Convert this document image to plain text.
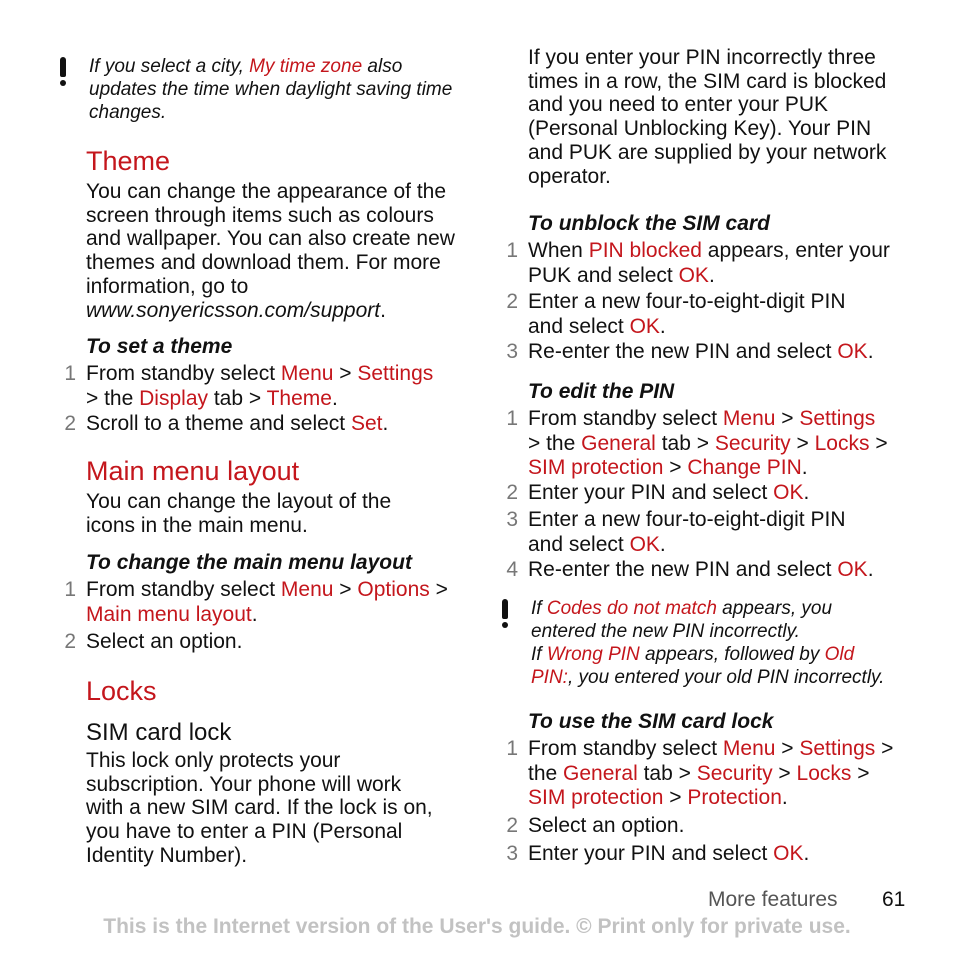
If you select a city, My time zone also updates the time when daylight saving time changes.
Theme
You can change the appearance of the
screen through items such as colours
and wallpaper. You can also create new
themes and download them. For more
information, go to
www.sonyericsson.com/support.
To set a theme
1 From standby select Menu > Settings
> the Display tab > Theme.
2 Scroll to a theme and select Set.
Main menu layout
You can change the layout of the
icons in the main menu.
To change the main menu layout
1 From standby select Menu > Options >
Main menu layout.
2 Select an option.
Locks
SIM card lock
This lock only protects your
subscription. Your phone will work
with a new SIM card. If the lock is on,
you have to enter a PIN (Personal
Identity Number).
If you enter your PIN incorrectly three
times in a row, the SIM card is blocked
and you need to enter your PUK
(Personal Unblocking Key). Your PIN
and PUK are supplied by your network
operator.
To unblock the SIM card
1 When PIN blocked appears, enter your
PUK and select OK.
2 Enter a new four-to-eight-digit PIN
and select OK.
3 Re-enter the new PIN and select OK.
To edit the PIN
1 From standby select Menu > Settings
> the General tab > Security > Locks >
SIM protection > Change PIN.
2 Enter your PIN and select OK.
3 Enter a new four-to-eight-digit PIN
and select OK.
4 Re-enter the new PIN and select OK.
If Codes do not match appears, you
entered the new PIN incorrectly.
If Wrong PIN appears, followed by Old
PIN:, you entered your old PIN incorrectly.
To use the SIM card lock
1 From standby select Menu > Settings >
the General tab > Security > Locks >
SIM protection > Protection.
2 Select an option.
3 Enter your PIN and select OK.
More features 61
This is the Internet version of the User's guide. © Print only for private use.
